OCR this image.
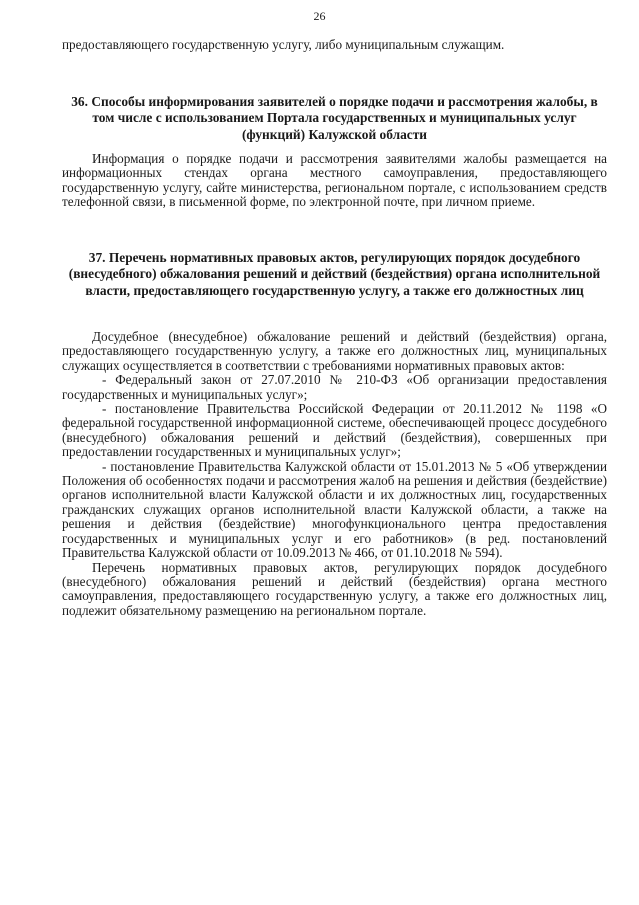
26

предоставляющего государственную услугу, либо муниципальным служащим.

36. Способы информирования заявителей о порядке подачи и рассмотрения жалобы, в том числе с использованием Портала государственных и муниципальных услуг (функций) Калужской области

Информация о порядке подачи и рассмотрения заявителями жалобы размещается на информационных стендах органа местного самоуправления, предоставляющего государственную услугу, сайте министерства, региональном портале, с использованием средств телефонной связи, в письменной форме, по электронной почте, при личном приеме.

37. Перечень нормативных правовых актов, регулирующих порядок досудебного (внесудебного) обжалования решений и действий (бездействия) органа исполнительной власти, предоставляющего государственную услугу, а также его должностных лиц

Досудебное (внесудебное) обжалование решений и действий (бездействия) органа, предоставляющего государственную услугу, а также его должностных лиц, муниципальных служащих осуществляется в соответствии с требованиями нормативных правовых актов:

- Федеральный закон от 27.07.2010 № 210-ФЗ «Об организации предоставления государственных и муниципальных услуг»;

- постановление Правительства Российской Федерации от 20.11.2012 № 1198 «О федеральной государственной информационной системе, обеспечивающей процесс досудебного (внесудебного) обжалования решений и действий (бездействия), совершенных при предоставлении государственных и муниципальных услуг»;

- постановление Правительства Калужской области от 15.01.2013 № 5 «Об утверждении Положения об особенностях подачи и рассмотрения жалоб на решения и действия (бездействие) органов исполнительной власти Калужской области и их должностных лиц, государственных гражданских служащих органов исполнительной власти Калужской области, а также на решения и действия (бездействие) многофункционального центра предоставления государственных и муниципальных услуг и его работников» (в ред. постановлений Правительства Калужской области от 10.09.2013 № 466, от 01.10.2018 № 594).

Перечень нормативных правовых актов, регулирующих порядок досудебного (внесудебного) обжалования решений и действий (бездействия) органа местного самоуправления, предоставляющего государственную услугу, а также его должностных лиц, подлежит обязательному размещению на региональном портале.
